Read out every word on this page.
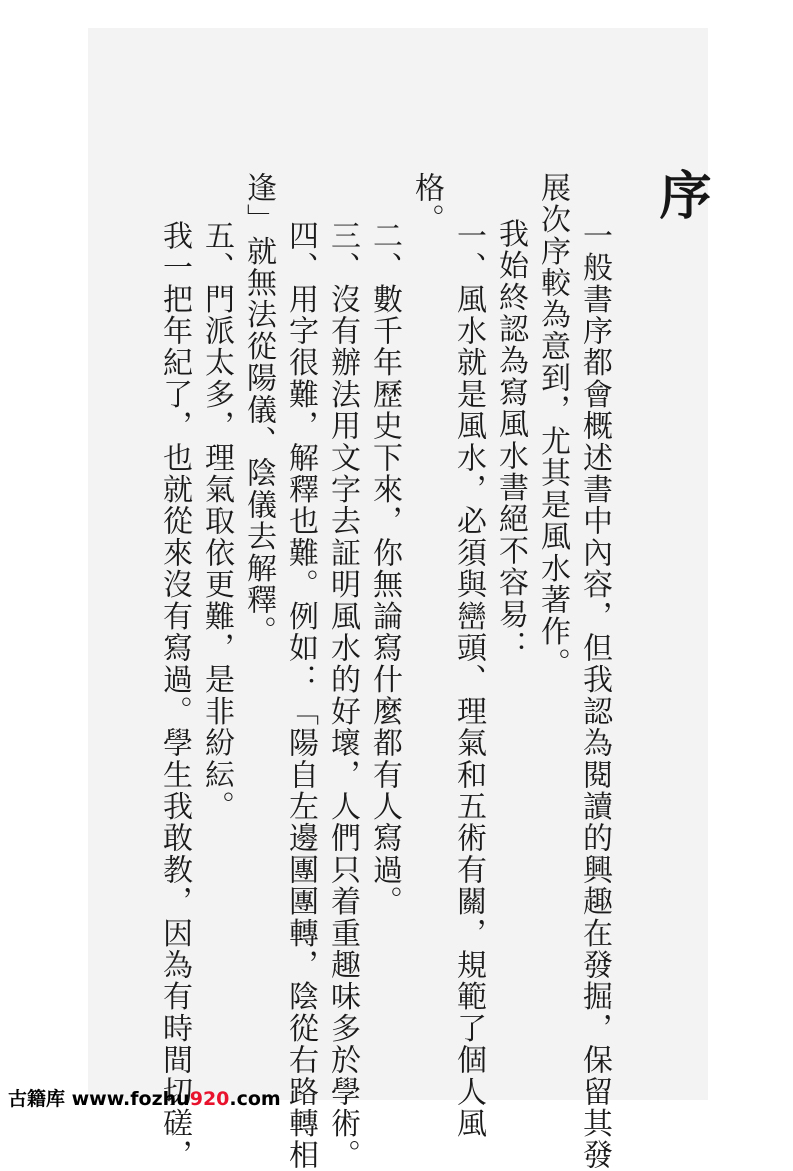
序
一般書序都會概述書中內容，但我認為閱讀的興趣在發掘，保留其發
展次序較為意到，尤其是風水著作。
我始終認為寫風水書絕不容易：
一、風水就是風水，必須與巒頭、理氣和五術有關，規範了個人風
格。
二、數千年歷史下來，你無論寫什麼都有人寫過。
三、沒有辦法用文字去証明風水的好壞，人們只着重趣味多於學術。
四、用字很難，解釋也難。例如：「陽自左邊團團轉，陰從右路轉相
逢」就無法從陽儀、陰儀去解釋。
五、門派太多，理氣取依更難，是非紛紜。
我一把年紀了，也就從來沒有寫過。學生我敢教，因為有時間切磋，
古籍库 www.fozhu920.com
